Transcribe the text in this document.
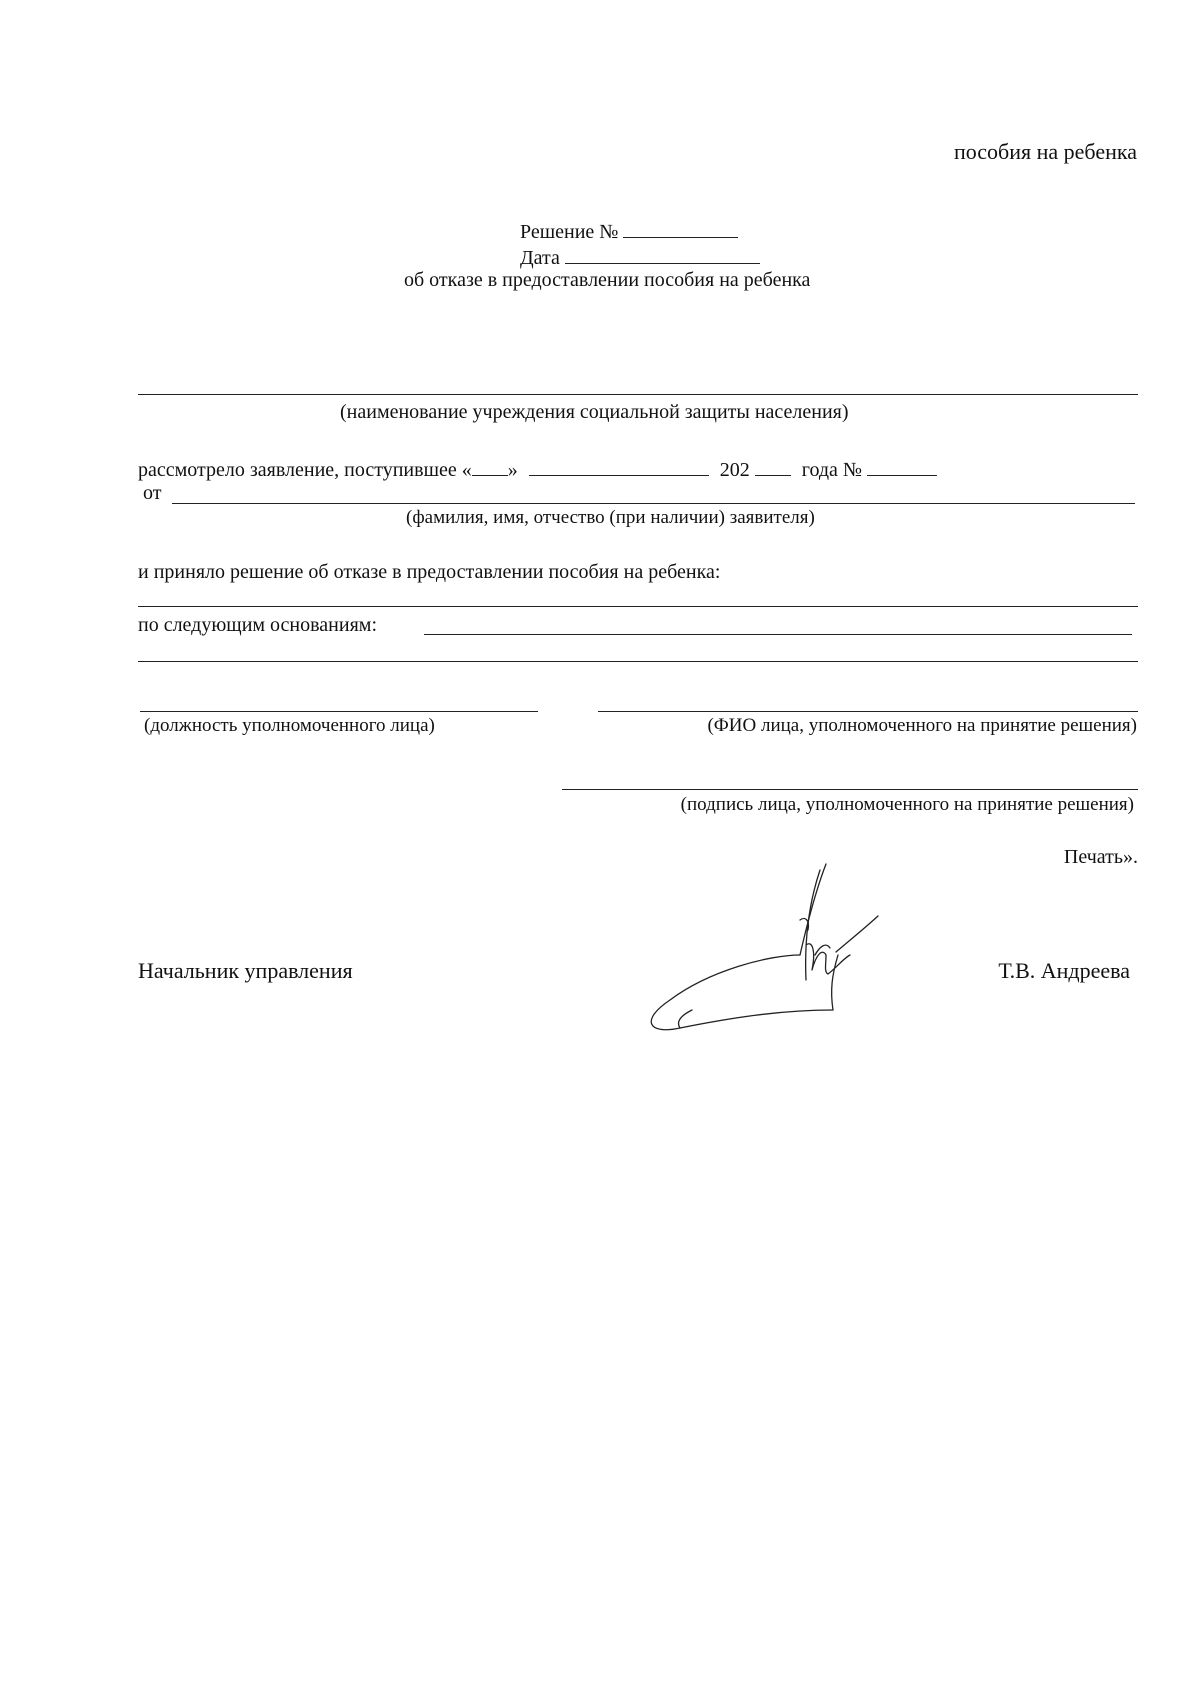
пособия на ребенка
Решение №
Дата
об отказе в предоставлении пособия на ребенка
(наименование учреждения социальной защиты населения)
рассмотрело заявление, поступившее « »	202	года №
от
(фамилия, имя, отчество (при наличии) заявителя)
и приняло решение об отказе в предоставлении пособия на ребенка:
по следующим основаниям:
(должность уполномоченного лица)	(ФИО лица, уполномоченного на принятие решения)
(подпись лица, уполномоченного на принятие решения)
Печать».
Начальник управления	Т.В. Андреева
